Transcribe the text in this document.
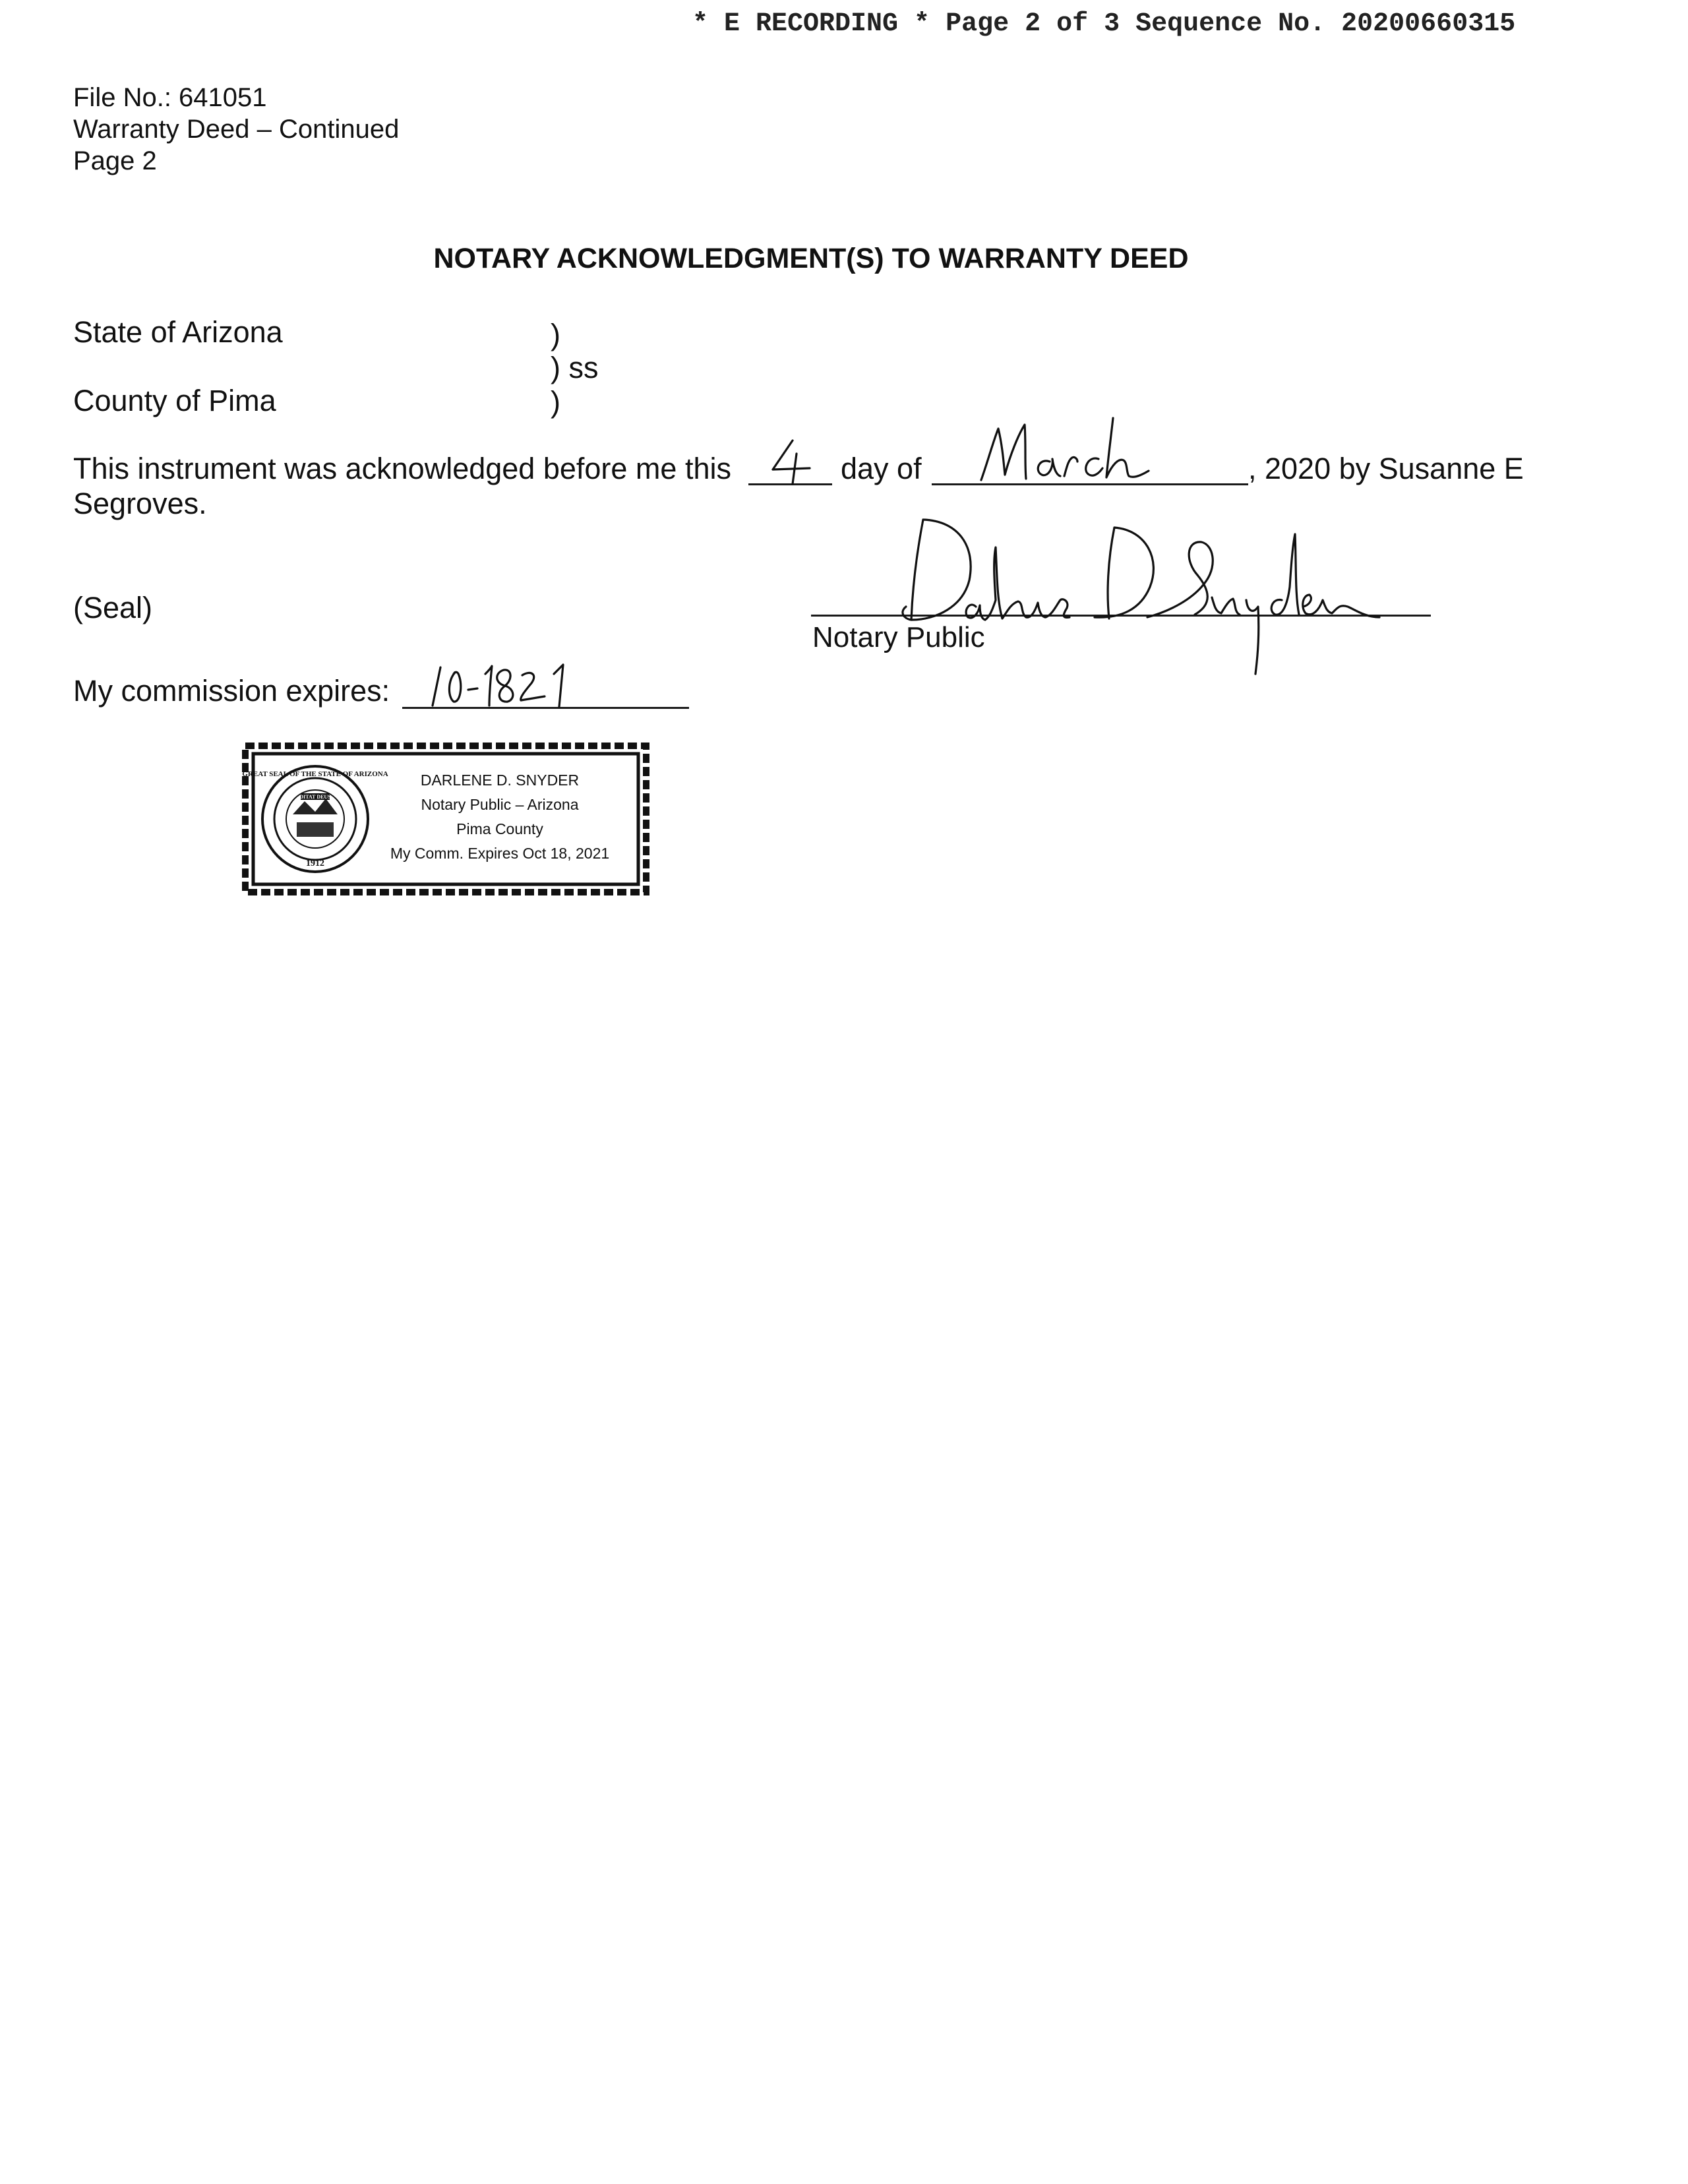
* E RECORDING * Page 2 of 3 Sequence No. 20200660315
File No.: 641051
Warranty Deed – Continued
Page 2
NOTARY ACKNOWLEDGMENT(S) TO WARRANTY DEED
State of Arizona
County of Pima
)
) ss
)
This instrument was acknowledged before me this	day of	, 2020 by Susanne E
Segroves.
(Seal)
Notary Public
My commission expires:
DITAT DEUS
1912
GREAT SEAL OF THE STATE OF ARIZONA DARLENE D. SNYDER
Notary Public – Arizona
Pima County
My Comm. Expires Oct 18, 2021
